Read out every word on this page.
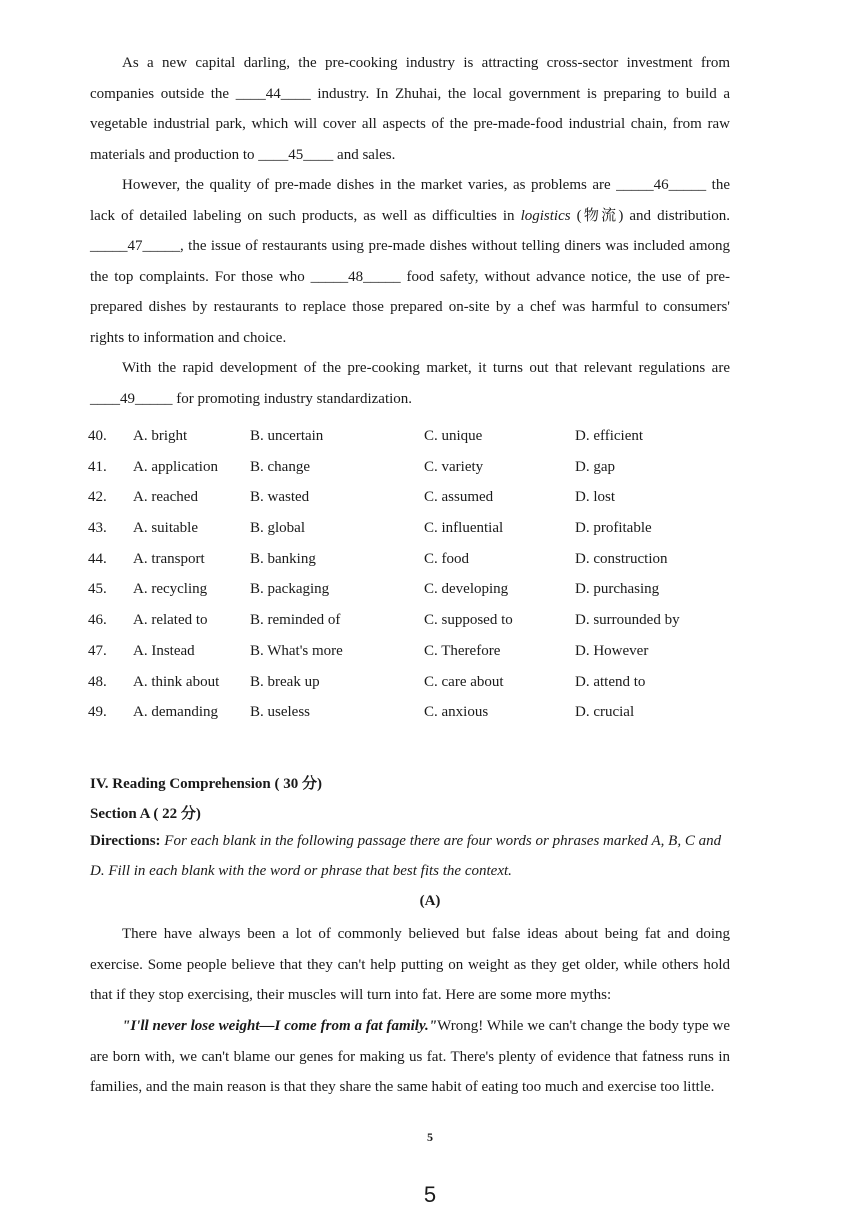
As a new capital darling, the pre-cooking industry is attracting cross-sector investment from companies outside the ____44____ industry. In Zhuhai, the local government is preparing to build a vegetable industrial park, which will cover all aspects of the pre-made-food industrial chain, from raw materials and production to ____45____ and sales.

However, the quality of pre-made dishes in the market varies, as problems are _____46_____ the lack of detailed labeling on such products, as well as difficulties in logistics (物流) and distribution. _____47_____, the issue of restaurants using pre-made dishes without telling diners was included among the top complaints. For those who _____48_____ food safety, without advance notice, the use of pre-prepared dishes by restaurants to replace those prepared on-site by a chef was harmful to consumers' rights to information and choice.

With the rapid development of the pre-cooking market, it turns out that relevant regulations are ____49_____ for promoting industry standardization.

40. A. bright	B. uncertain	C. unique	D. efficient
41. A. application B. change	C. variety	D. gap
42. A. reached	B. wasted	C. assumed	D. lost
43. A. suitable	B. global	C. influential	D. profitable
44. A. transport	B. banking	C. food	D. construction
45. A. recycling	B. packaging	C. developing	D. purchasing
46. A. related to	B. reminded of	C. supposed to	D. surrounded by
47. A. Instead	B. What's more	C. Therefore	D. However
48. A. think about B. break up	C. care about	D. attend to
49. A. demanding B. useless	C. anxious	D. crucial

IV. Reading Comprehension ( 30 分)

Section A ( 22 分)

Directions: For each blank in the following passage there are four words or phrases marked A, B, C and D. Fill in each blank with the word or phrase that best fits the context.

(A)

There have always been a lot of commonly believed but false ideas about being fat and doing exercise. Some people believe that they can't help putting on weight as they get older, while others hold that if they stop exercising, their muscles will turn into fat. Here are some more myths:

"I'll never lose weight—I come from a fat family."Wrong! While we can't change the body type we are born with, we can't blame our genes for making us fat. There's plenty of evidence that fatness runs in families, and the main reason is that they share the same habit of eating too much and exercise too little.

5
5
